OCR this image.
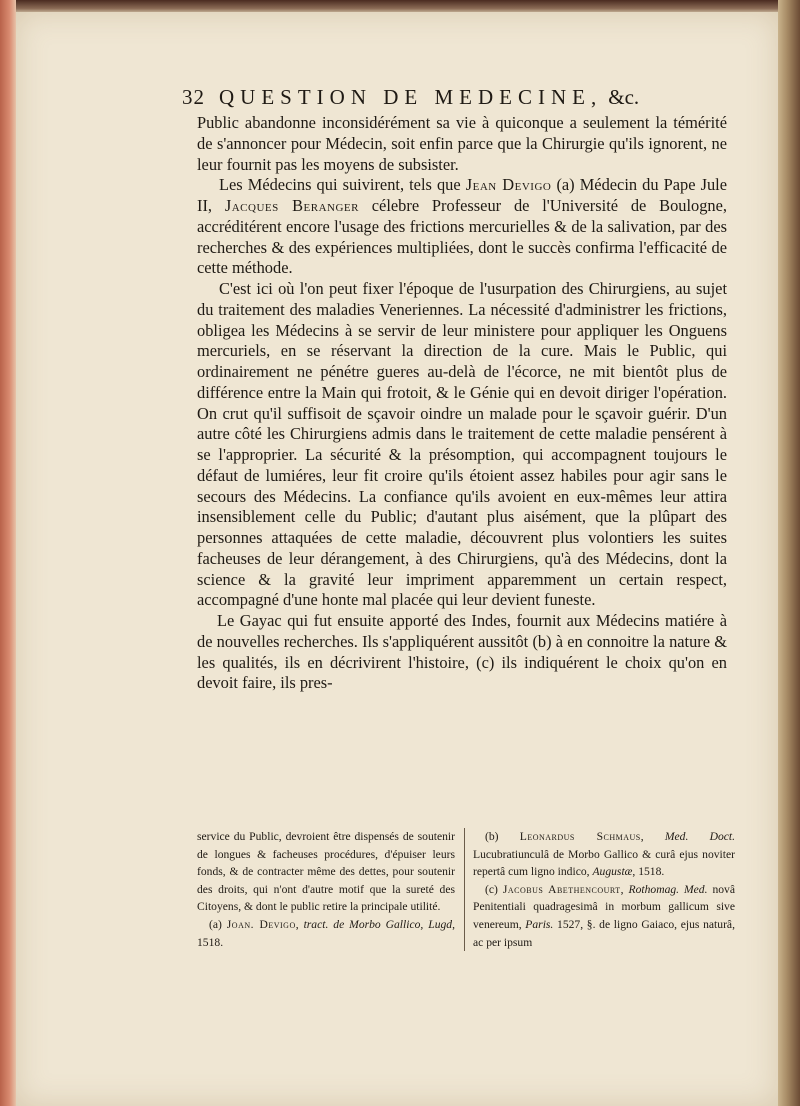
32 QUESTION DE MEDECINE, &c.

Public abandonne inconsidérément sa vie à quiconque a seulement la témérité de s'annoncer pour Médecin, soit enfin parce que la Chirurgie qu'ils ignorent, ne leur fournit pas les moyens de subsister.

Les Médecins qui suivirent, tels que Jean Devigo (a) Médecin du Pape Jule II, Jacques Beranger célebre Professeur de l'Université de Boulogne, accréditérent encore l'usage des frictions mercurielles & de la salivation, par des recherches & des expériences multipliées, dont le succès confirma l'efficacité de cette méthode.

C'est ici où l'on peut fixer l'époque de l'usurpation des Chirurgiens, au sujet du traitement des maladies Veneriennes. La nécessité d'administrer les frictions, obligea les Médecins à se servir de leur ministere pour appliquer les Onguens mercuriels, en se réservant la direction de la cure. Mais le Public, qui ordinairement ne pénétre gueres au-delà de l'écorce, ne mit bientôt plus de différence entre la Main qui frotoit, & le Génie qui en devoit diriger l'opération. On crut qu'il suffisoit de sçavoir oindre un malade pour le sçavoir guérir. D'un autre côté les Chirurgiens admis dans le traitement de cette maladie pensérent à se l'approprier. La sécurité & la présomption, qui accompagnent toujours le défaut de lumiéres, leur fit croire qu'ils étoient assez habiles pour agir sans le secours des Médecins. La confiance qu'ils avoient en eux-mêmes leur attira insensiblement celle du Public; d'autant plus aisément, que la plûpart des personnes attaquées de cette maladie, découvrent plus volontiers les suites facheuses de leur dérangement, à des Chirurgiens, qu'à des Médecins, dont la science & la gravité leur impriment apparemment un certain respect, accompagné d'une honte mal placée qui leur devient funeste.

Le Gayac qui fut ensuite apporté des Indes, fournit aux Médecins matiére à de nouvelles recherches. Ils s'appliquérent aussitôt (b) à en connoitre la nature & les qualités, ils en décrivirent l'histoire, (c) ils indiquérent le choix qu'on en devoit faire, ils pres-

service du Public, devroient être dispensés de soutenir de longues & facheuses procédures, d'épuiser leurs fonds, & de contracter même des dettes, pour soutenir des droits, qui n'ont d'autre motif que la sureté des Citoyens, & dont le public retire la principale utilité.

(a) Joan. Devigo, tract. de Morbo Gallico, Lugd, 1518.

(b) Leonardus Schmaus, Med. Doct. Lucubratiunculâ de Morbo Gallico & curâ ejus noviter repertâ cum ligno indico, Augustæ, 1518.

(c) Jacobus Abethencourt, Rothomag. Med. novâ Penitentiali quadragesimâ in morbum gallicum sive venereum, Paris. 1527, §. de ligno Gaiaco, ejus naturâ, ac per ipsum
